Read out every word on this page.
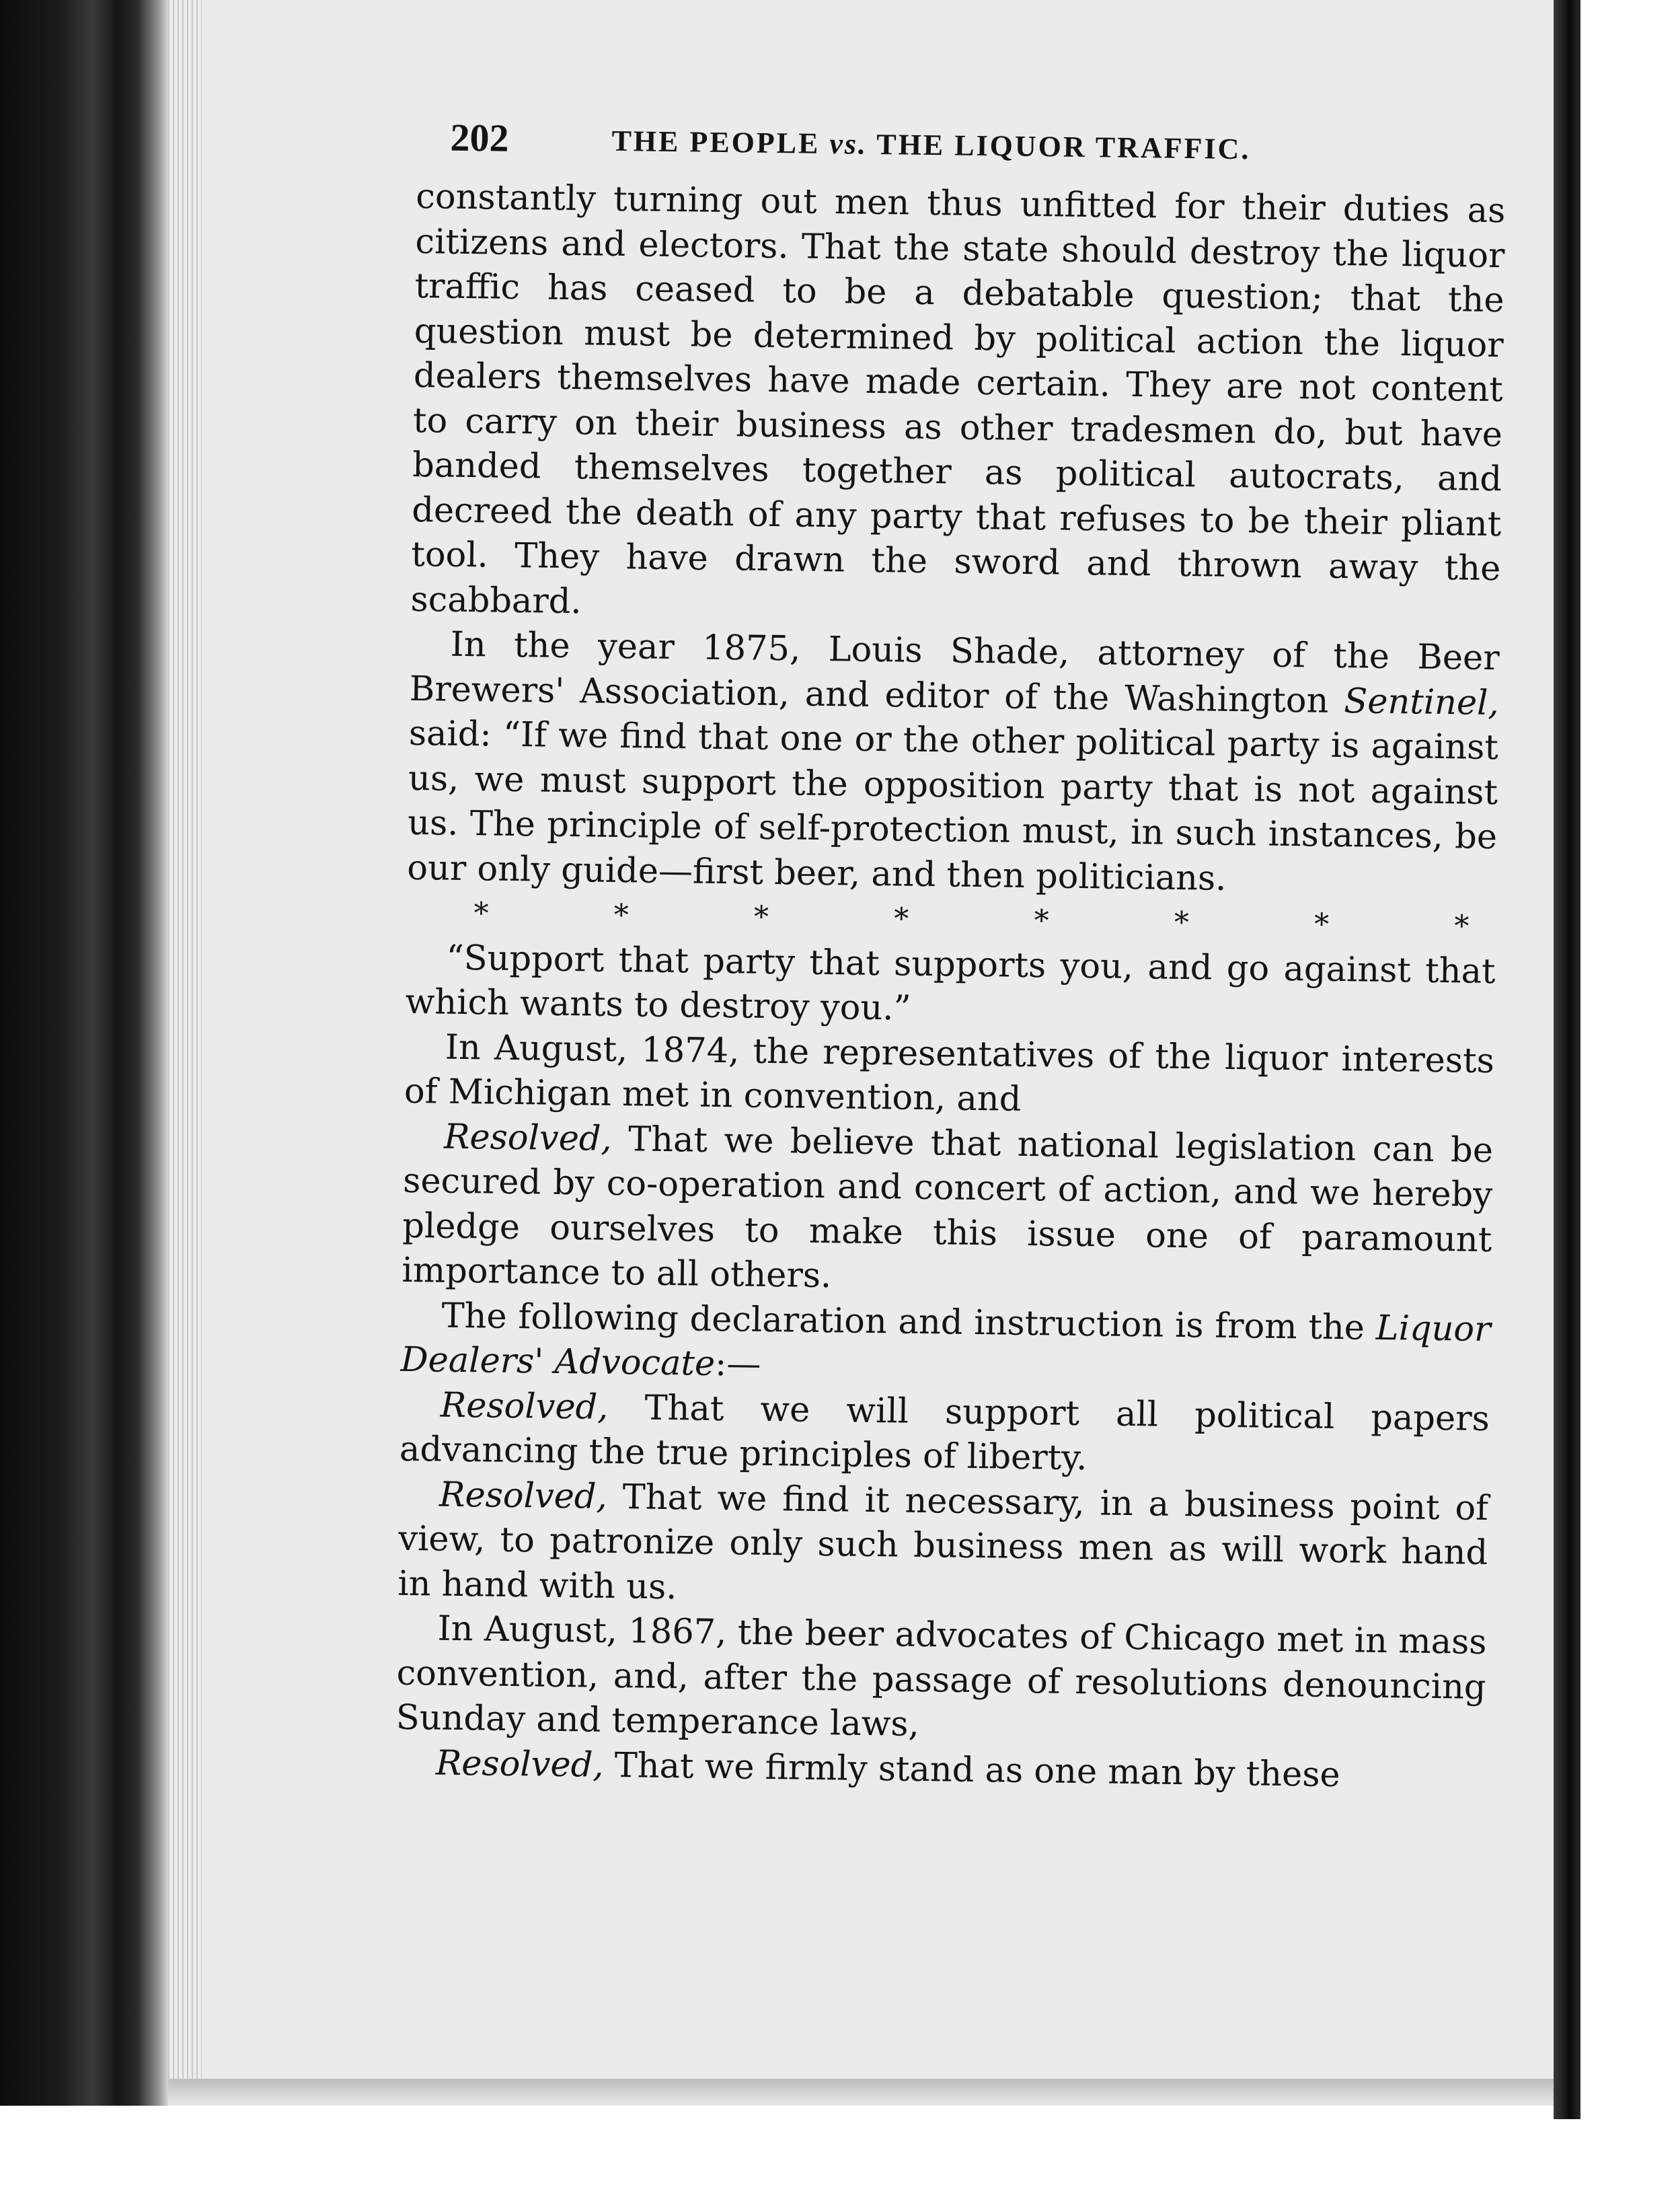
202	THE PEOPLE vs. THE LIQUOR TRAFFIC.

constantly turning out men thus unfitted for their duties as citizens and electors. That the state should destroy the liquor traffic has ceased to be a debatable question; that the question must be determined by political action the liquor dealers themselves have made certain. They are not content to carry on their business as other tradesmen do, but have banded themselves together as political autocrats, and decreed the death of any party that refuses to be their pliant tool. They have drawn the sword and thrown away the scabbard.

In the year 1875, Louis Shade, attorney of the Beer Brewers' Association, and editor of the Washington Sentinel, said: “If we find that one or the other political party is against us, we must support the opposition party that is not against us. The principle of self-protection must, in such instances, be our only guide—first beer, and then politicians.

*	*	*	*	*	*	*	*

“Support that party that supports you, and go against that which wants to destroy you.”

In August, 1874, the representatives of the liquor interests of Michigan met in convention, and

Resolved, That we believe that national legislation can be secured by co-operation and concert of action, and we hereby pledge ourselves to make this issue one of paramount importance to all others.

The following declaration and instruction is from the Liquor Dealers' Advocate:—

Resolved, That we will support all political papers advancing the true principles of liberty.

Resolved, That we find it necessary, in a business point of view, to patronize only such business men as will work hand in hand with us.

In August, 1867, the beer advocates of Chicago met in mass convention, and, after the passage of resolutions denouncing Sunday and temperance laws,

Resolved, That we firmly stand as one man by these
